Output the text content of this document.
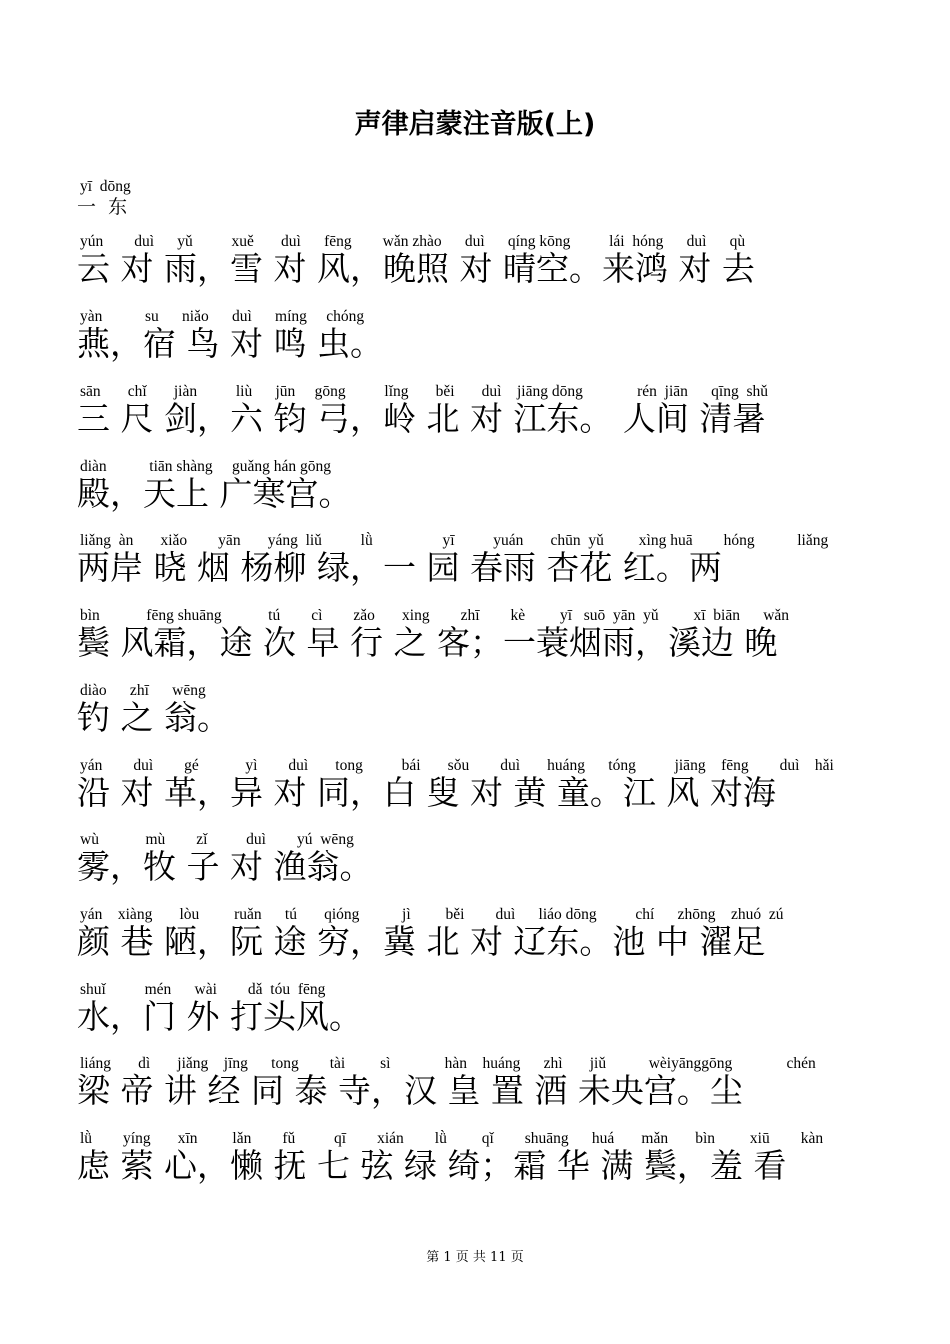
声律启蒙注音版(上)
yī  dōng
一  东
yún        duì      yǔ          xuě       duì      fēng        wǎn zhào      duì      qíng kōng          lái  hóng      duì      qù
云 对 雨，雪 对 风，晚照 对 晴空。来鸿 对 去
yàn           su      niǎo      duì      míng     chóng
燕，宿 鸟 对 鸣 虫。
sān       chǐ       jiàn          liù      jūn     gōng          lǐng       běi       duì    jiāng dōng              rén  jiān      qīng  shǔ
三 尺 剑，六 钧 弓，岭 北 对 江东。 人间 清暑
diàn           tiān shàng     guǎng hán gōng
殿，天上 广寒宫。
liǎng  àn       xiǎo        yān       yáng  liǔ          lǜ                  yī          yuán       chūn  yǔ         xìng huā        hóng           liǎng
两岸 晓 烟 杨柳 绿，一 园 春雨 杏花 红。两
bìn            fēng shuāng            tú        cì        zǎo       xing        zhī        kè         yī   suō  yān  yǔ         xī  biān      wǎn
鬓 风霜，途 次 早 行 之 客；一蓑烟雨，溪边 晚
diào      zhī      wēng
钓 之 翁。
yán        duì        gé            yì        duì       tong          bái       sǒu        duì       huáng      tóng          jiāng    fēng        duì    hǎi
沿 对 革，异 对 同，白 叟 对 黄 童。江 风 对海
wù            mù        zǐ          duì        yú  wēng
雾，牧 子 对 渔翁。
yán    xiàng       lòu         ruǎn      tú       qióng           jì         běi        duì      liáo dōng          chí      zhōng    zhuó  zú
颜 巷 陋，阮 途 穷，冀 北 对 辽东。池 中 濯足
shuǐ          mén      wài        dǎ  tóu  fēng
水，门 外 打头风。
liáng       dì       jiǎng    jīng      tong        tài         sì              hàn    huáng      zhì       jiǔ           wèiyānggōng              chén
梁 帝 讲 经 同 泰 寺，汉 皇 置 酒 未央宫。尘
lǜ        yíng       xīn         lǎn        fǔ          qī        xián        lǜ         qǐ        shuāng      huá       mǎn       bìn         xiū        kàn
虑 萦 心，懒 抚 七 弦 绿 绮；霜 华 满 鬓，羞 看
第 1 页 共 11 页
